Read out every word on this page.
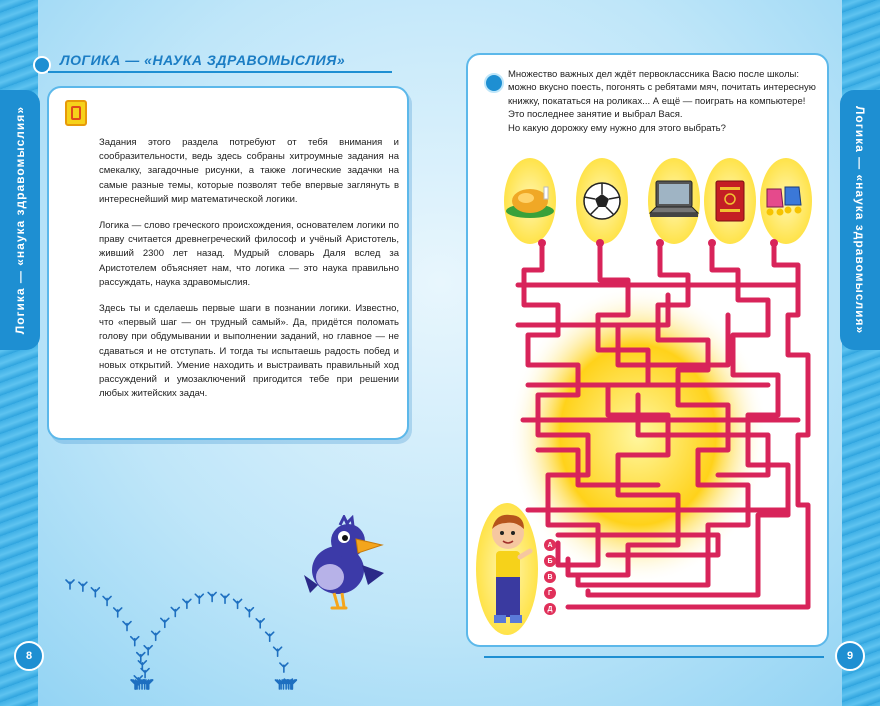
Логика — «наука здравомыслия»	Логика — «наука здравомыслия»
ЛОГИКА — «НАУКА ЗДРАВОМЫСЛИЯ»

Задания этого раздела потребуют от тебя внимания и сообразительности, ведь здесь собраны хитроумные задания на смекалку, загадочные рисунки, а также логические задачки на самые разные темы, которые позволят тебе впервые заглянуть в интереснейший мир математической логики.

Логика — слово греческого происхождения, основателем логики по праву считается древнегреческий философ и учёный Аристотель, живший 2300 лет назад. Мудрый словарь Даля вслед за Аристотелем объясняет нам, что логика — это наука правильно рассуждать, наука здравомыслия.

Здесь ты и сделаешь первые шаги в познании логики. Известно, что «первый шаг — он трудный самый». Да, придётся поломать голову при обдумывании и выполнении заданий, но главное — не сдаваться и не отступать. И тогда ты испытаешь радость побед и новых открытий. Умение находить и выстраивать правильный ход рассуждений и умозаключений пригодится тебе при решении любых житейских задач.

8	9
Множество важных дел ждёт первоклассника Васю после школы:
можно вкусно поесть, погонять с ребятами мяч, почитать интересную
книжку, покататься на роликах... А ещё — поиграть на компьютере!
Это последнее занятие и выбрал Вася.
Но какую дорожку ему нужно для этого выбрать?
А
Б
В
Г
Д
